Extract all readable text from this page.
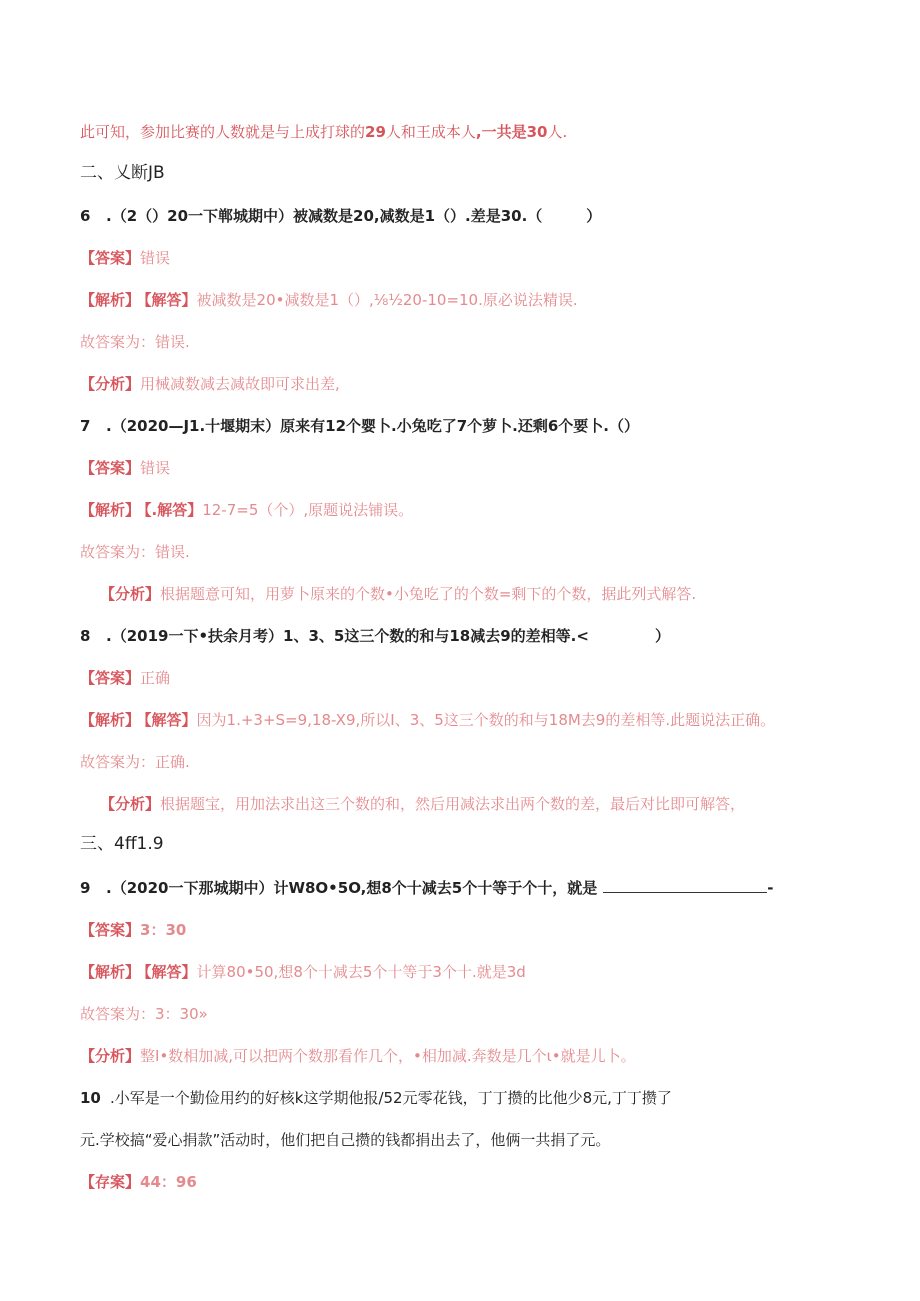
此可知，参加比赛的人数就是与上成打球的29人和王成本人,一共是30人.
二、乂断JB
6 .（2（）20一下郸城期中）被减数是20,减数是1（）.差是30.（	）
【答案】错误
【解析】 【解答】被减数是20•减数是1（）,⅛½20-10=10.原必说法精误.
故答案为：错误.
【分析】用械减数减去减故即可求出差,
7 .（2020—J1.十堰期末）原来有12个婴卜.小兔吃了7个萝卜.还剩6个要卜.（）
【答案】错误
【解析】 【.解答】12-7=5（个）,原题说法铺误。
故答案为：错误.
【分析】根据题意可知，用萝卜原来的个数•小兔吃了的个数=剩下的个数，据此列式解答.
8 .（2019一下•扶余月考）1、3、5这三个数的和与18减去9的差相等.<	）
【答案】正确
【解析】 【解答】因为1.+3+S=9,18-X9,所以I、3、5这三个数的和与18M去9的差相等.此题说法正确。
故答案为：正确.
【分析】根据题宝，用加法求出这三个数的和，然后用减法求出两个数的差，最后对比即可解答，
三、4ff1.9
9 .（2020一下那城期中）计W8O•5O,想8个十减去5个十等于个十，就是	-
【答案】3：30
【解析】 【解答】计算80•50,想8个十减去5个十等于3个十.就是3d
故答案为：3：30»
【分析】整I•数相加减,可以把两个数那看作几个，•相加减.奔数是几个ι•就是儿卜。
10 .小军是一个勤俭用约的好核k这学期他报/52元零花钱，丁丁攒的比他少8元,丁丁攒了
元.学校搞“爱心捐款”活动时，他们把自己攒的钱都捐出去了，他俩一共捐了元。
【存案】44：96
